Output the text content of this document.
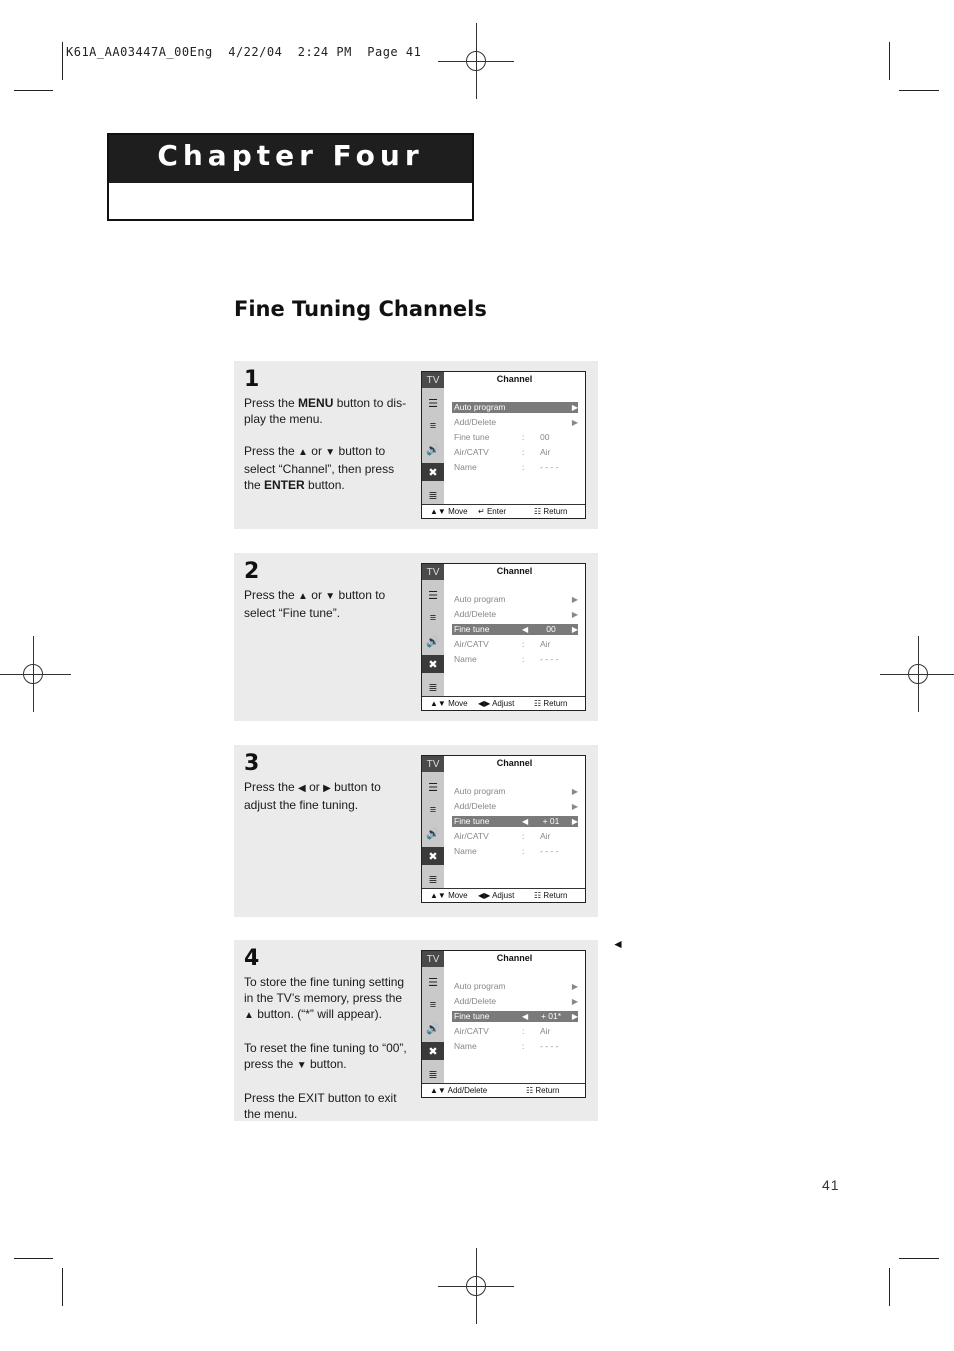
K61A_AA03447A_00Eng  4/22/04  2:24 PM  Page 41
Chapter Four
Fine Tuning Channels
1

Press the MENU button to dis- play the menu.

Press the ▲ or ▼ button to select “Channel”, then press the ENTER button.

TV
☰
≡
🔊
✖
≣
Channel
Auto program	▶
Add/Delete	▶
Fine tune	: 00
Air/CATV	: Air
Name	: - - - -
▲▼ Move ↵ Enter	☷ Return
2

Press the ▲ or ▼ button to select “Fine tune”.

TV
☰
≡
🔊
✖
≣
Channel
Auto program	▶
Add/Delete	▶
Fine tune	◀	00	▶
Air/CATV	: Air
Name	: - - - -
▲▼ Move ◀▶ Adjust ☷ Return
3

Press the ◀ or ▶ button to adjust the fine tuning.

TV
☰
≡
🔊
✖
≣
Channel
Auto program	▶
Add/Delete	▶
Fine tune	◀	+ 01	▶
Air/CATV	: Air
Name	: - - - -
▲▼ Move ◀▶ Adjust ☷ Return
4

To store the fine tuning setting in the TV’s memory, press the ▲ button. (“*” will appear).

To reset the fine tuning to “00”, press the ▼ button.

Press the EXIT button to exit the menu.

TV
☰
≡
🔊
✖
≣
Channel
Auto program	▶
Add/Delete	▶
Fine tune	◀	+ 01*	▶
Air/CATV	: Air
Name	: - - - -
▲▼ Add/Delete	☷ Return
◄
41
